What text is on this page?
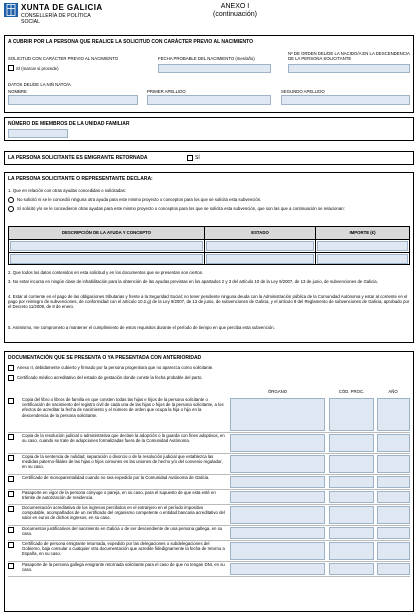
XUNTA DE GALICIA
CONSELLERÍA DE POLÍTICA
SOCIAL
ANEXO I
(continuación)
A CUBRIR POR LA PERSONA QUE REALICE LA SOLICITUD CON CARÁCTER PREVIO AL NACIMIENTO
SOLICITUD CON CARÁCTER PREVIO AL NACIMIENTO
SÍ (marcar si procede)
FECHA PROBABLE DEL NACIMIENTO (mes/año)
Nº DE ORDEN DEL/DE LA NACIDO/A EN LA DESCENDENCIA DE LA PERSONA SOLICITANTE
DATOS DEL/DE LA NIÑ NATO/A
NOMBRE	PRIMER APELLIDO	SEGUNDO APELLIDO
NÚMERO DE MIEMBROS DE LA UNIDAD FAMILIAR
LA PERSONA SOLICITANTE ES EMIGRANTE RETORNADA	SÍ
LA PERSONA SOLICITANTE O REPRESENTANTE DECLARA:
1. Que en relación con otras ayudas concedidas o solicitadas:
No solicitó ni se le concedió ninguna otra ayuda para este mismo proyecto o conceptos para los que se solicita esta subvención.
Sí solicitó y/o se le concedieron otras ayudas para este mismo proyecto o conceptos para los que se solicita esta subvención, que son las que a continuación se relacionan:
DESCRIPCIÓN DE LA AYUDA Y CONCEPTO	ESTADO	IMPORTE (€)
2. Que todos los datos contenidos en esta solicitud y en los documentos que se presentan son ciertos.
3. No estar incursa en ningún clase de inhabilitación para la obtención de las ayudas previstas en los apartados 2 y 3 del artículo 10 de la Ley 9/2007, de 13 de junio, de subvenciones de Galicia.
4. Estar al corriente en el pago de las obligaciones tributarias y frente a la Seguridad Social; no tener pendiente ninguna deuda con la Administración pública de la Comunidad Autónoma y estar al corriente en el pago por reintegro de subvenciones, de conformidad con el artículo 10.2.g) de la Ley 9/2007, de 13 de junio, de subvenciones de Galicia, y el artículo 9 del Reglamento de subvenciones de Galicia, aprobado por el Decreto 11/2009, de 8 de enero.
5. Asimismo, me comprometo a mantener el cumplimiento de estos requisitos durante el período de tiempo en que perciba esta subvención.
DOCUMENTACIÓN QUE SE PRESENTA O YA PRESENTADA CON ANTERIORIDAD
Anexo II, debidamente cubierto y firmado por la persona progenitora que no aparezca como solicitante.
Certificado médico acreditativo del estado de gestación donde conste la fecha probable del parto.
ÓRGANO	CÓD. PROC.	AÑO
Copia del libro o libros de familia en que consten todas las hijas e hijos de la persona solicitante o certificación de nacimiento del registro civil de cada una de las hijas o hijos de la persona solicitante, a los efectos de acreditar la fecha de nacimiento y el número de orden que ocupa la hija o hijo en la descendencia de la persona solicitante.
Copia de la resolución judicial o administrativa que declare la adopción o la guarda con fines adoptivos, en su caso, cuando se trate de adopciones formalizadas fuera de la Comunidad Autónoma.
Copia de la sentencia de nulidad, separación o divorcio o de la resolución judicial que establezca las medidas paterno-filiales de las hijas o hijos comunes en las uniones de hecho y/o del convenio regulador, en su caso.
Certificado de monoparentalidad cuando no sea expedido por la Comunidad Autónoma de Galicia.
Pasaporte en vigor de la persona cónyuge o pareja, en su caso, para el supuesto de que esta esté en trámite de autorización de residencia.
Documentación acreditativa de los ingresos percibidos en el extranjero en el período impositivo computable, acompañados de un certificado del organismo competente o entidad bancaria acreditativo del valor en euros de dichos ingresos, en su caso.
Documentos justificativos del nacimiento en Galicia o de ser descendiente de una persona gallega, en su caso.
Certificado de persona emigrante retornada, expedido por las delegaciones o subdelegaciones del Gobierno, baja consular o cualquier otra documentación que acredite fidedignamente la fecha de retorno a España, en su caso.
Pasaporte de la persona gallega emigrante retornada solicitante para el caso de que no tengan DNI, en su caso.
